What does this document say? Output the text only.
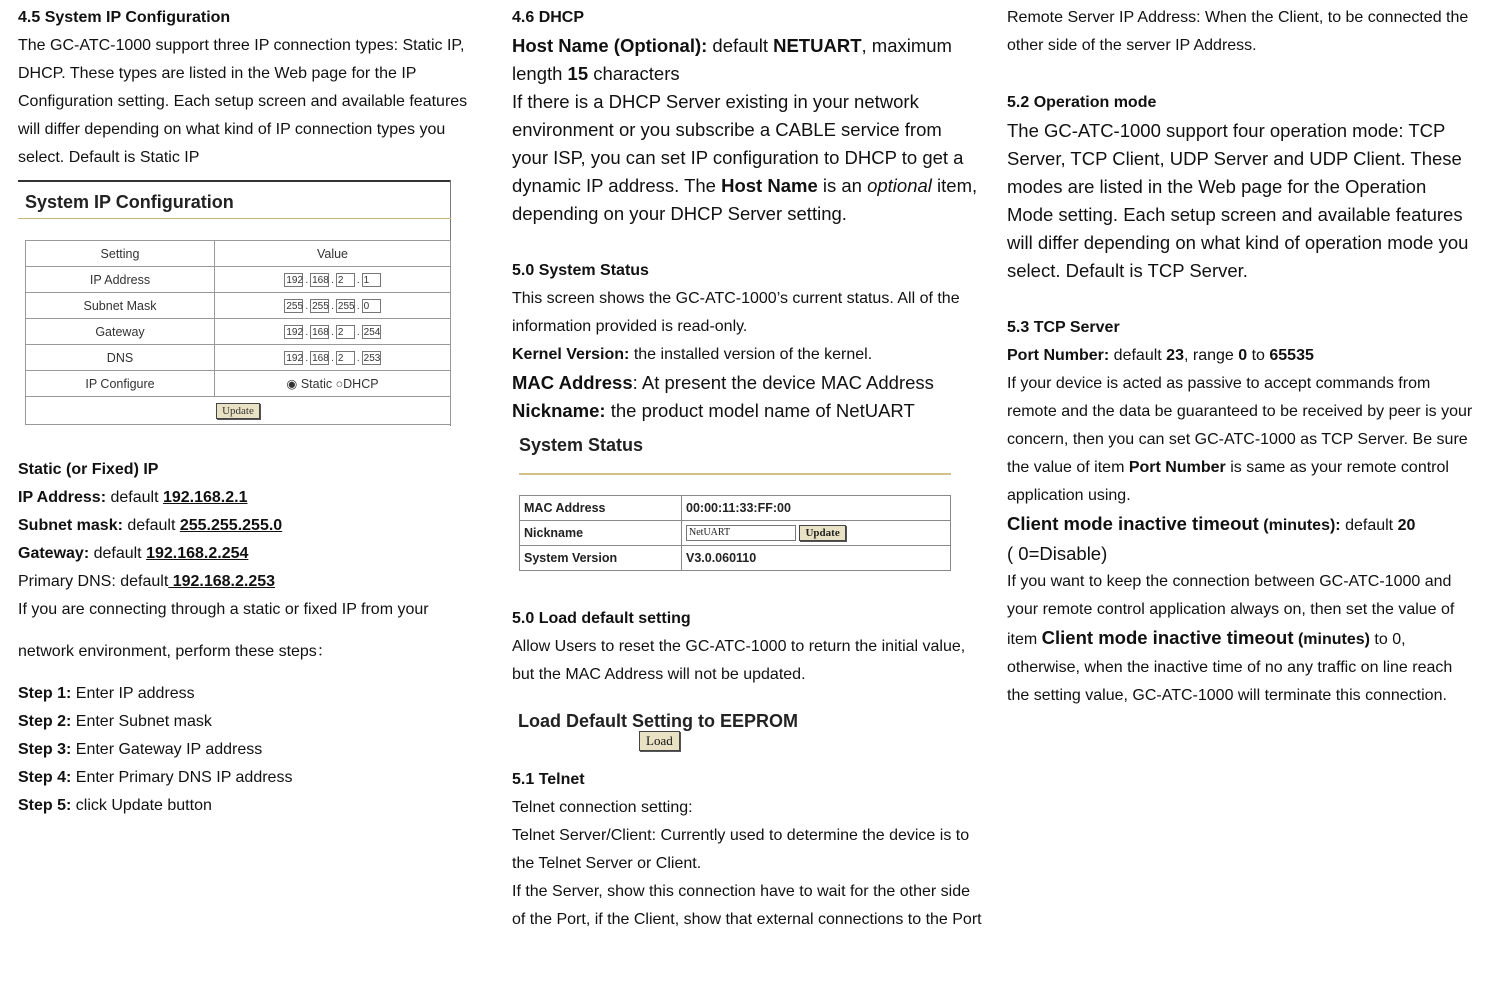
4.5 System IP Configuration

The GC-ATC-1000 support three IP connection types: Static IP, DHCP. These types are listed in the Web page for the IP Configuration setting. Each setup screen and available features will differ depending on what kind of IP connection types you select. Default is Static IP

System IP Configuration
Setting	Value
IP Address	192 . 168 . 2 . 1
Subnet Mask	255 . 255 . 255 . 0
Gateway	192 . 168 . 2 . 254
DNS	192 . 168 . 2 . 253
IP Configure	◉ Static ○DHCP
Update	

Static (or Fixed) IP

IP Address: default 192.168.2.1

Subnet mask: default 255.255.255.0

Gateway: default 192.168.2.254

Primary DNS: default 192.168.2.253

If you are connecting through a static or fixed IP from your

network environment, perform these steps：

Step 1: Enter IP address

Step 2: Enter Subnet mask

Step 3: Enter Gateway IP address

Step 4: Enter Primary DNS IP address

Step 5: click Update button

4.6 DHCP

Host Name (Optional): default NETUART, maximum length 15 characters

If there is a DHCP Server existing in your network environment or you subscribe a CABLE service from your ISP, you can set IP configuration to DHCP to get a dynamic IP address. The Host Name is an optional item, depending on your DHCP Server setting.

5.0 System Status

This screen shows the GC-ATC-1000’s current status. All of the information provided is read-only.

Kernel Version: the installed version of the kernel.

MAC Address: At present the device MAC Address

Nickname: the product model name of NetUART

System Status
MAC Address	00:00:11:33:FF:00
Nickname	NetUART Update
System Version	V3.0.060110

5.0 Load default setting

Allow Users to reset the GC-ATC-1000 to return the initial value, but the MAC Address will not be updated.

Load Default Setting to EEPROM
Load

5.1 Telnet

Telnet connection setting:

Telnet Server/Client: Currently used to determine the device is to the Telnet Server or Client.

If the Server, show this connection have to wait for the other side of the Port, if the Client, show that external connections to the Port

Remote Server IP Address: When the Client, to be connected the other side of the server IP Address.

5.2 Operation mode

The GC-ATC-1000 support four operation mode: TCP Server, TCP Client, UDP Server and UDP Client. These modes are listed in the Web page for the Operation Mode setting. Each setup screen and available features will differ depending on what kind of operation mode you select. Default is TCP Server.

5.3 TCP Server

Port Number: default 23, range 0 to 65535

If your device is acted as passive to accept commands from remote and the data be guaranteed to be received by peer is your concern, then you can set GC-ATC-1000 as TCP Server. Be sure the value of item Port Number is same as your remote control application using.

Client mode inactive timeout (minutes): default 20

( 0=Disable)

If you want to keep the connection between GC-ATC-1000 and your remote control application always on, then set the value of item Client mode inactive timeout (minutes) to 0, otherwise, when the inactive time of no any traffic on line reach the setting value, GC-ATC-1000 will terminate this connection.
